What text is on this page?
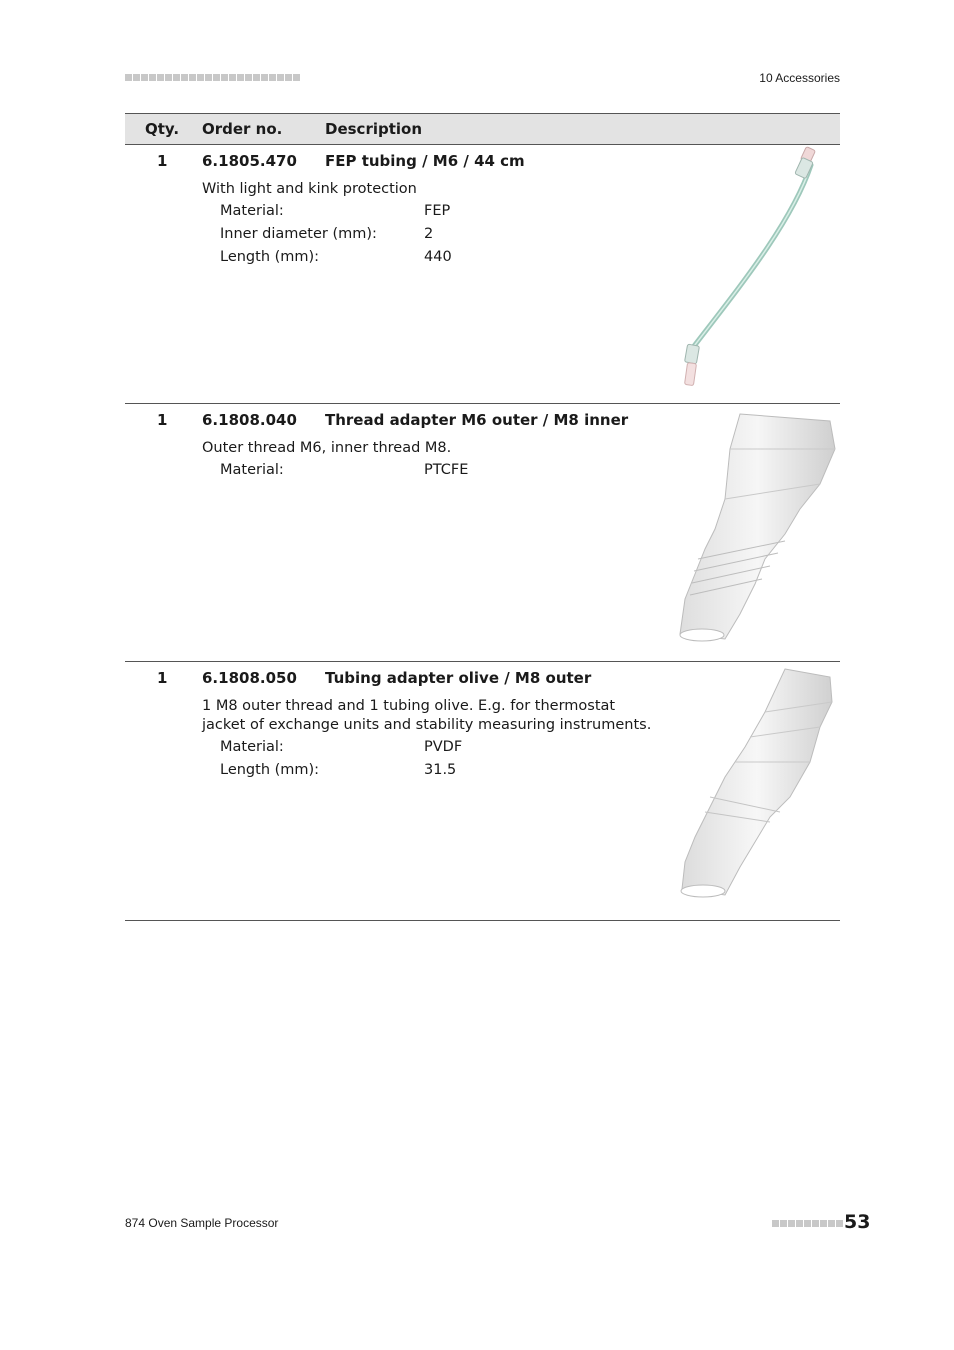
10 Accessories
Qty. Order no.	Description
1 6.1805.470 FEP tubing / M6 / 44 cm
With light and kink protection
Material:	FEP
Inner diameter (mm):	2
Length (mm):	440
1 6.1808.040 Thread adapter M6 outer / M8 inner
Outer thread M6, inner thread M8.
Material:	PTCFE
1 6.1808.050 Tubing adapter olive / M8 outer
1 M8 outer thread and 1 tubing olive. E.g. for thermostat jacket of exchange units and stability measuring instruments.
Material:	PVDF
Length (mm):	31.5
874 Oven Sample Processor	53
